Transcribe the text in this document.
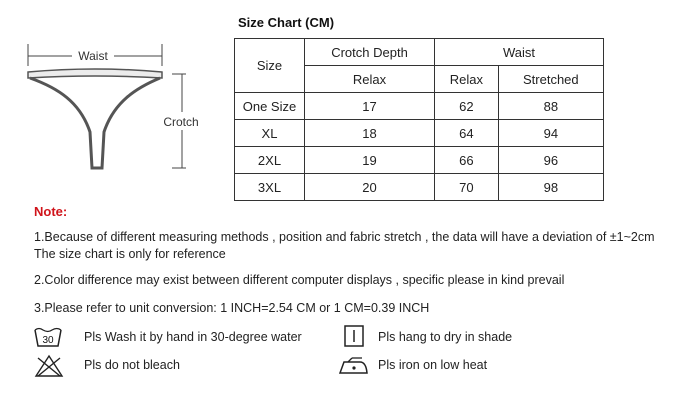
Waist
Crotch
Size Chart (CM)
Size	Crotch Depth	Waist	
	Relax	Relax	Stretched
One Size	17	62	88
XL	18	64	94
2XL	19	66	96
3XL	20	70	98
Note:
1.Because of different measuring methods , position and fabric stretch , the data will have a deviation of ±1~2cm
The size chart is only for reference
2.Color difference may exist between different computer displays , specific please in kind prevail
3.Please refer to unit conversion: 1 INCH=2.54 CM or 1 CM=0.39 INCH
30 Pls Wash it by hand in 30-degree water	Pls hang to dry in shade
Pls do not bleach	Pls iron on low heat
